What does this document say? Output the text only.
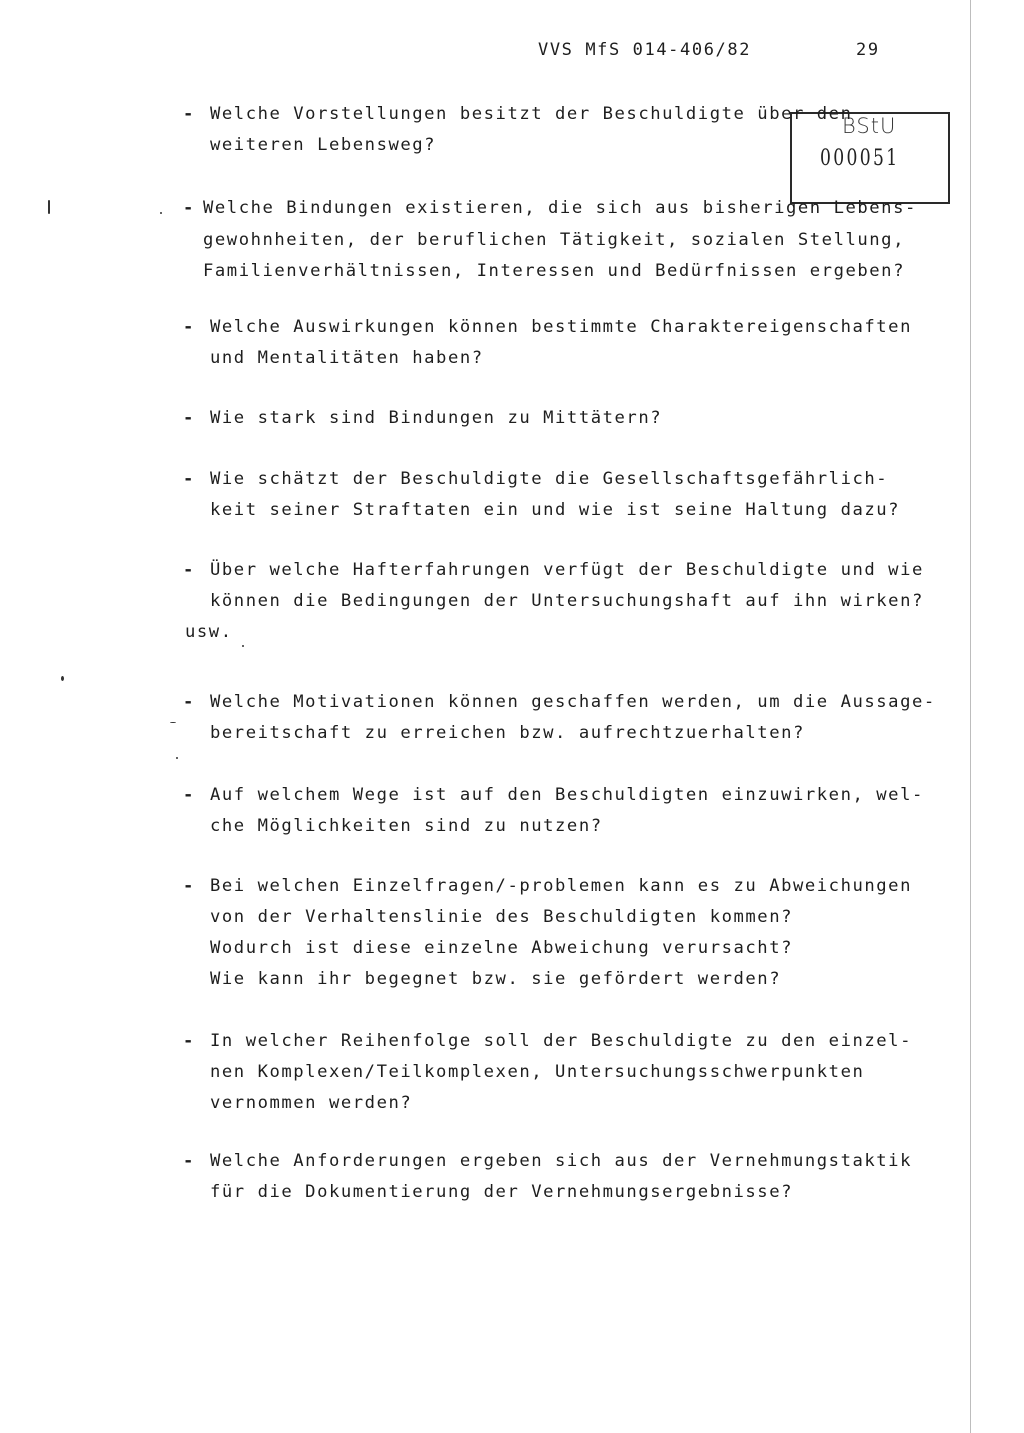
VVS MfS 014-406/82	29
BStU
000051
- Welche Vorstellungen besitzt der Beschuldigte über den
weiteren Lebensweg?
- Welche Bindungen existieren, die sich aus bisherigen Lebens-
gewohnheiten, der beruflichen Tätigkeit, sozialen Stellung,
Familienverhältnissen, Interessen und Bedürfnissen ergeben?
- Welche Auswirkungen können bestimmte Charaktereigenschaften
und Mentalitäten haben?
- Wie stark sind Bindungen zu Mittätern?
- Wie schätzt der Beschuldigte die Gesellschaftsgefährlich-
keit seiner Straftaten ein und wie ist seine Haltung dazu?
- Über welche Hafterfahrungen verfügt der Beschuldigte und wie
können die Bedingungen der Untersuchungshaft auf ihn wirken?
usw.
- Welche Motivationen können geschaffen werden, um die Aussage-
bereitschaft zu erreichen bzw. aufrechtzuerhalten?
- Auf welchem Wege ist auf den Beschuldigten einzuwirken, wel-
che Möglichkeiten sind zu nutzen?
- Bei welchen Einzelfragen/-problemen kann es zu Abweichungen
von der Verhaltenslinie des Beschuldigten kommen?
Wodurch ist diese einzelne Abweichung verursacht?
Wie kann ihr begegnet bzw. sie gefördert werden?
- In welcher Reihenfolge soll der Beschuldigte zu den einzel-
nen Komplexen/Teilkomplexen, Untersuchungsschwerpunkten
vernommen werden?
- Welche Anforderungen ergeben sich aus der Vernehmungstaktik
für die Dokumentierung der Vernehmungsergebnisse?
